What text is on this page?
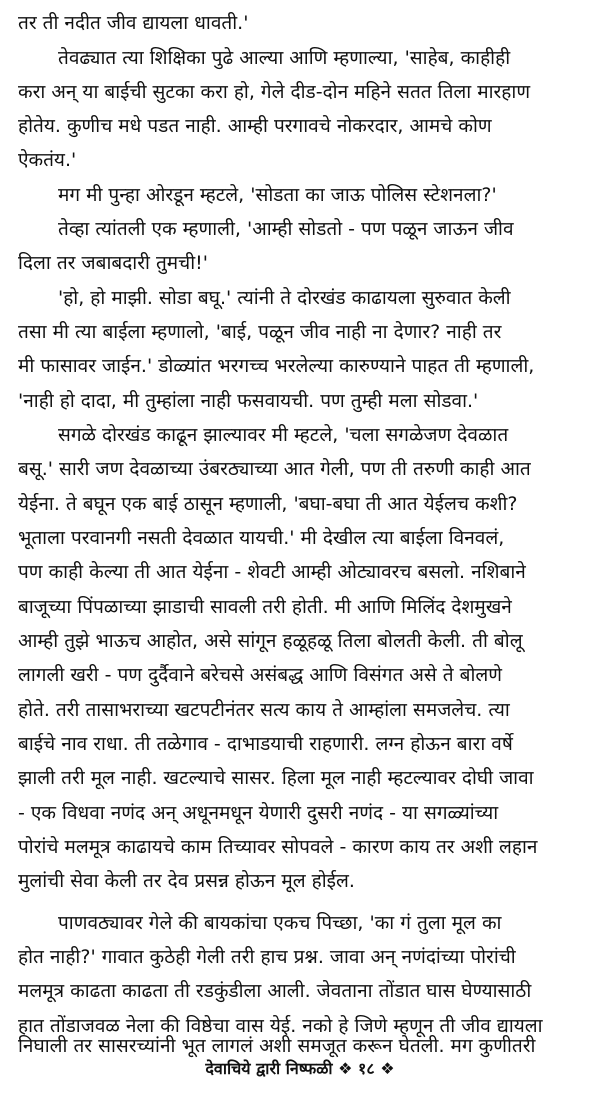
तर ती नदीत जीव द्यायला धावती.'
तेवढ्यात त्या शिक्षिका पुढे आल्या आणि म्हणाल्या, 'साहेब, काहीही
करा अन् या बाईची सुटका करा हो, गेले दीड-दोन महिने सतत तिला मारहाण
होतेय. कुणीच मधे पडत नाही. आम्ही परगावचे नोकरदार, आमचे कोण
ऐकतंय.'
मग मी पुन्हा ओरडून म्हटले, 'सोडता का जाऊ पोलिस स्टेशनला?'
तेव्हा त्यांतली एक म्हणाली, 'आम्ही सोडतो - पण पळून जाऊन जीव
दिला तर जबाबदारी तुमची!'
'हो, हो माझी. सोडा बघू.' त्यांनी ते दोरखंड काढायला सुरुवात केली
तसा मी त्या बाईला म्हणालो, 'बाई, पळून जीव नाही ना देणार? नाही तर
मी फासावर जाईन.' डोळ्यांत भरगच्च भरलेल्या कारुण्याने पाहत ती म्हणाली,
'नाही हो दादा, मी तुम्हांला नाही फसवायची. पण तुम्ही मला सोडवा.'
सगळे दोरखंड काढून झाल्यावर मी म्हटले, 'चला सगळेजण देवळात
बसू.' सारी जण देवळाच्या उंबरठ्याच्या आत गेली, पण ती तरुणी काही आत
येईना. ते बघून एक बाई ठासून म्हणाली, 'बघा-बघा ती आत येईलच कशी?
भूताला परवानगी नसती देवळात यायची.' मी देखील त्या बाईला विनवलं,
पण काही केल्या ती आत येईना - शेवटी आम्ही ओट्यावरच बसलो. नशिबाने
बाजूच्या पिंपळाच्या झाडाची सावली तरी होती. मी आणि मिलिंद देशमुखने
आम्ही तुझे भाऊच आहोत, असे सांगून हळूहळू तिला बोलती केली. ती बोलू
लागली खरी - पण दुर्दैवाने बरेचसे असंबद्ध आणि विसंगत असे ते बोलणे
होते. तरी तासाभराच्या खटपटीनंतर सत्य काय ते आम्हांला समजलेच. त्या
बाईचे नाव राधा. ती तळेगाव - दाभाडयाची राहणारी. लग्न होऊन बारा वर्षे
झाली तरी मूल नाही. खटल्याचे सासर. हिला मूल नाही म्हटल्यावर दोघी जावा
- एक विधवा नणंद अन् अधूनमधून येणारी दुसरी नणंद - या सगळ्यांच्या
पोरांचे मलमूत्र काढायचे काम तिच्यावर सोपवले - कारण काय तर अशी लहान
मुलांची सेवा केली तर देव प्रसन्न होऊन मूल होईल.
पाणवठ्यावर गेले की बायकांचा एकच पिच्छा, 'का गं तुला मूल का
होत नाही?' गावात कुठेही गेली तरी हाच प्रश्न. जावा अन् नणंदांच्या पोरांची
मलमूत्र काढता काढता ती रडकुंडीला आली. जेवताना तोंडात घास घेण्यासाठी
हात तोंडाजवळ नेला की विष्ठेचा वास येई. नको हे जिणे म्हणून ती जीव द्यायला
निघाली तर सासरच्यांनी भूत लागलं अशी समजूत करून घेतली. मग कुणीतरी
देवाचिये द्वारी निष्फळी ❖ १८ ❖
